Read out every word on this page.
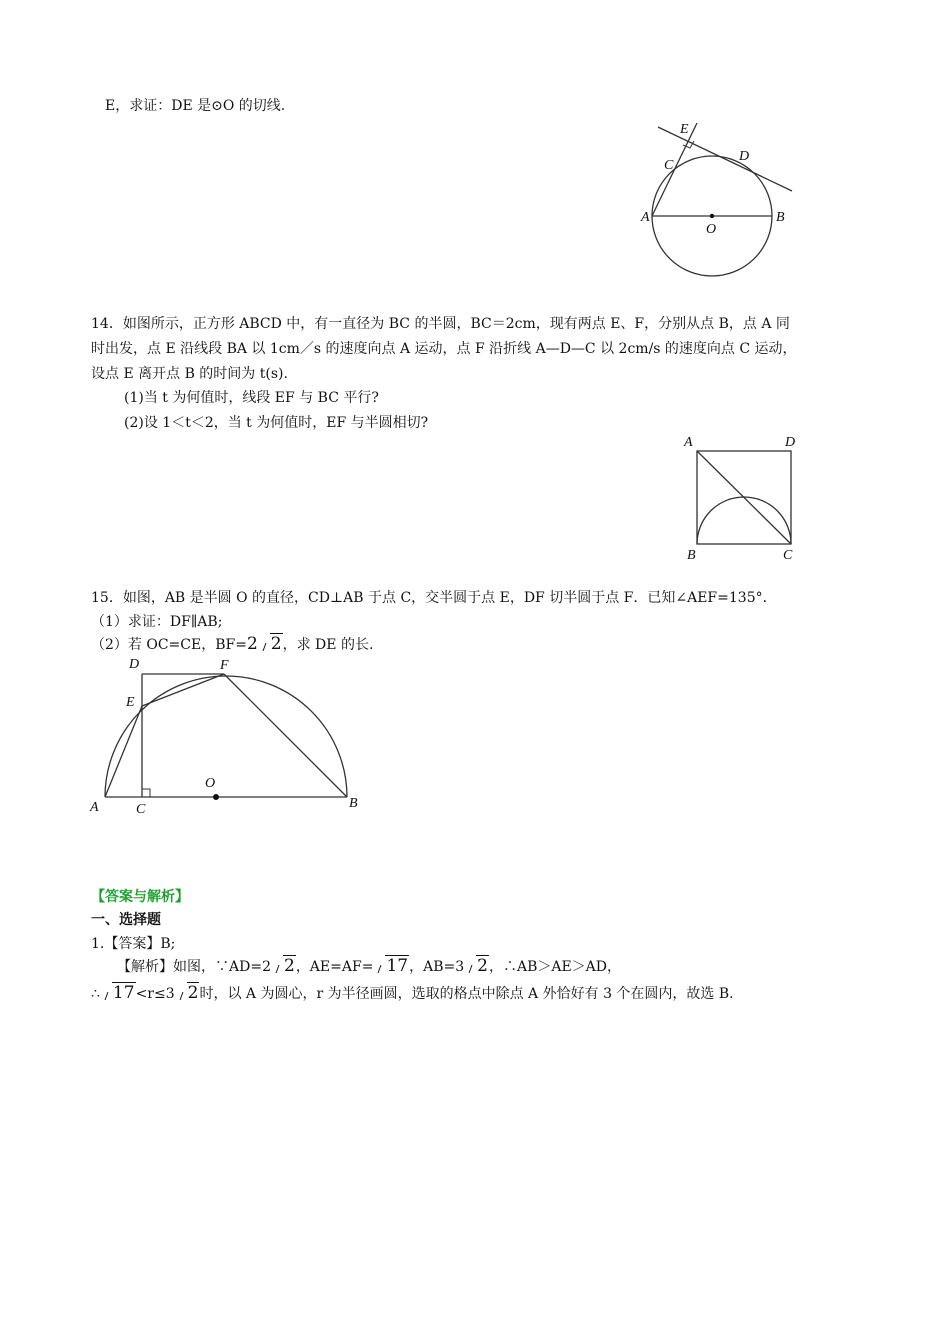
E，求证：DE 是⊙O 的切线.
E
C
D
A
O
B
14．如图所示，正方形 ABCD 中，有一直径为 BC 的半圆，BC＝2cm，现有两点 E、F，分别从点 B，点 A 同
时出发，点 E 沿线段 BA 以 1cm／s 的速度向点 A 运动，点 F 沿折线 A—D—C 以 2cm/s 的速度向点 C 运动，
设点 E 离开点 B 的时间为 t(s).
(1)当 t 为何值时，线段 EF 与 BC 平行?
(2)设 1＜t＜2，当 t 为何值时，EF 与半圆相切?
A	D
B	C
15．如图，AB 是半圆 O 的直径，CD⊥AB 于点 C，交半圆于点 E，DF 切半圆于点 F．已知∠AEF=135°．
（1）求证：DF∥AB;
（2）若 OC=CE，BF=2 2，求 DE 的长.
D	F
E
O
A	C	B
【答案与解析】
一、选择题
1.【答案】B;
【解析】如图，∵AD=2 2，AE=AF= 17，AB=3 2，∴AB＞AE＞AD，
∴ 17<r≤3 2时，以 A 为圆心，r 为半径画圆，选取的格点中除点 A 外恰好有 3 个在圆内，故选 B.
